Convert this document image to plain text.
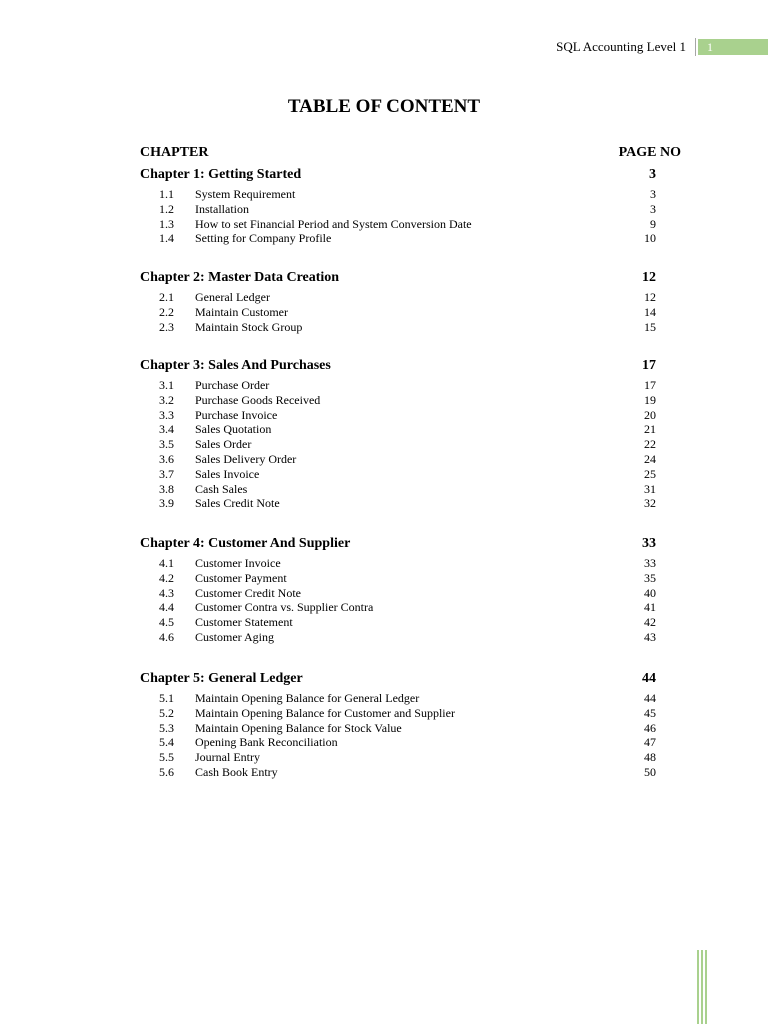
SQL Accounting Level 1	1
TABLE OF CONTENT
CHAPTER	PAGE NO
Chapter 1: Getting Started	3
1.1	System Requirement	3
1.2	Installation	3
1.3	How to set Financial Period and System Conversion Date	9
1.4	Setting for Company Profile	10
Chapter 2: Master Data Creation	12
2.1	General Ledger	12
2.2	Maintain Customer	14
2.3	Maintain Stock Group	15
Chapter 3: Sales And Purchases	17
3.1	Purchase Order	17
3.2	Purchase Goods Received	19
3.3	Purchase Invoice	20
3.4	Sales Quotation	21
3.5	Sales Order	22
3.6	Sales Delivery Order	24
3.7	Sales Invoice	25
3.8	Cash Sales	31
3.9	Sales Credit Note	32
Chapter 4: Customer And Supplier	33
4.1	Customer Invoice	33
4.2	Customer Payment	35
4.3	Customer Credit Note	40
4.4	Customer Contra vs. Supplier Contra	41
4.5	Customer Statement	42
4.6	Customer Aging	43
Chapter 5: General Ledger	44
5.1	Maintain Opening Balance for General Ledger	44
5.2	Maintain Opening Balance for Customer and Supplier	45
5.3	Maintain Opening Balance for Stock Value	46
5.4	Opening Bank Reconciliation	47
5.5	Journal Entry	48
5.6	Cash Book Entry	50
